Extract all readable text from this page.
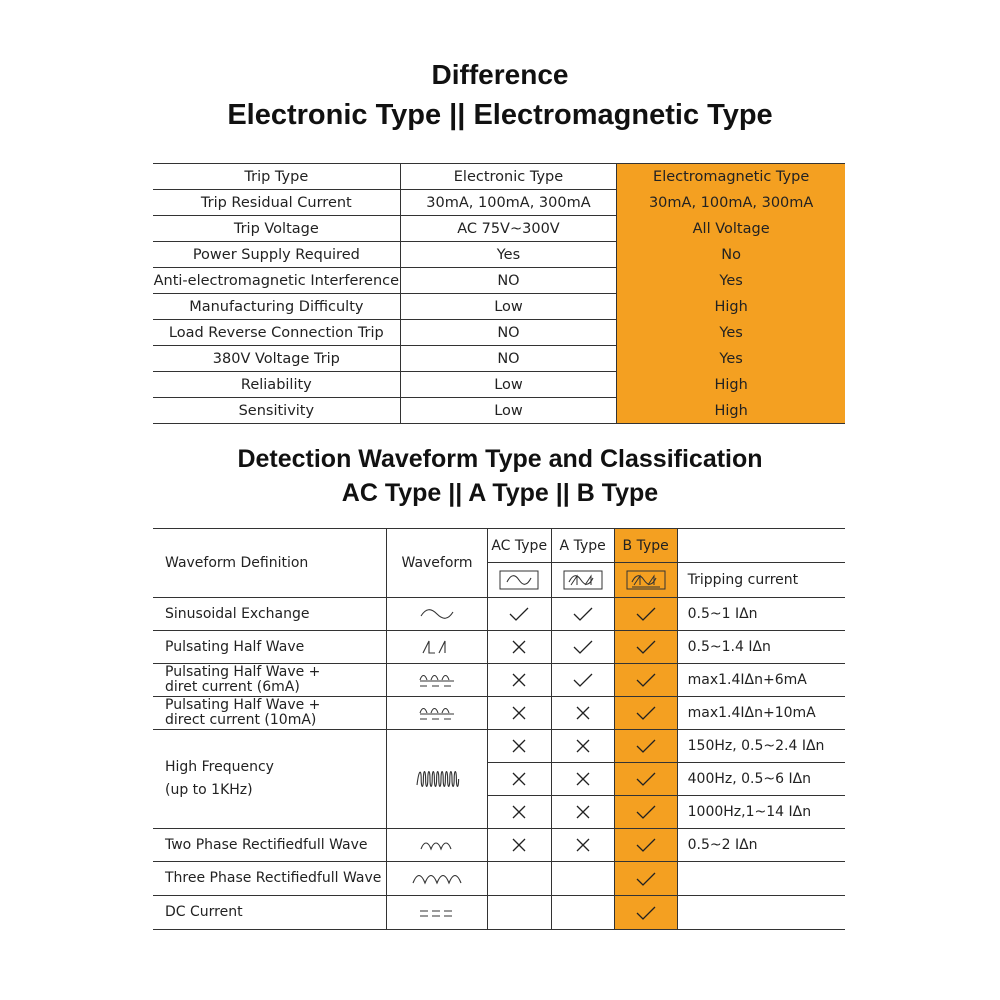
Difference
Electronic Type || Electromagnetic Type
Trip Type	Electronic Type	Electromagnetic Type
Trip Residual Current	30mA, 100mA, 300mA	30mA, 100mA, 300mA
Trip Voltage	AC 75V~300V	All Voltage
Power Supply Required	Yes	No
Anti-electromagnetic Interference	NO	Yes
Manufacturing Difficulty	Low	High
Load Reverse Connection Trip	NO	Yes
380V Voltage Trip	NO	Yes
Reliability	Low	High
Sensitivity	Low	High
Detection Waveform Type and Classification
AC Type || A Type || B Type
Waveform Definition	Waveform	AC Type	A Type	B Type	

	Tripping current

Sinusoidal Exchange					0.5~1 IΔn

Pulsating Half Wave					0.5~1.4 IΔn

Pulsating Half Wave +
diret current (6mA)					max1.4IΔn+6mA

Pulsating Half Wave +
direct current (10mA)					max1.4IΔn+10mA

High Frequency
(up to 1KHz)					150Hz, 0.5~2.4 IΔn

	400Hz, 0.5~6 IΔn

	1000Hz,1~14 IΔn

Two Phase Rectifiedfull Wave					0.5~2 IΔn

Three Phase Rectifiedfull Wave

DC Current
